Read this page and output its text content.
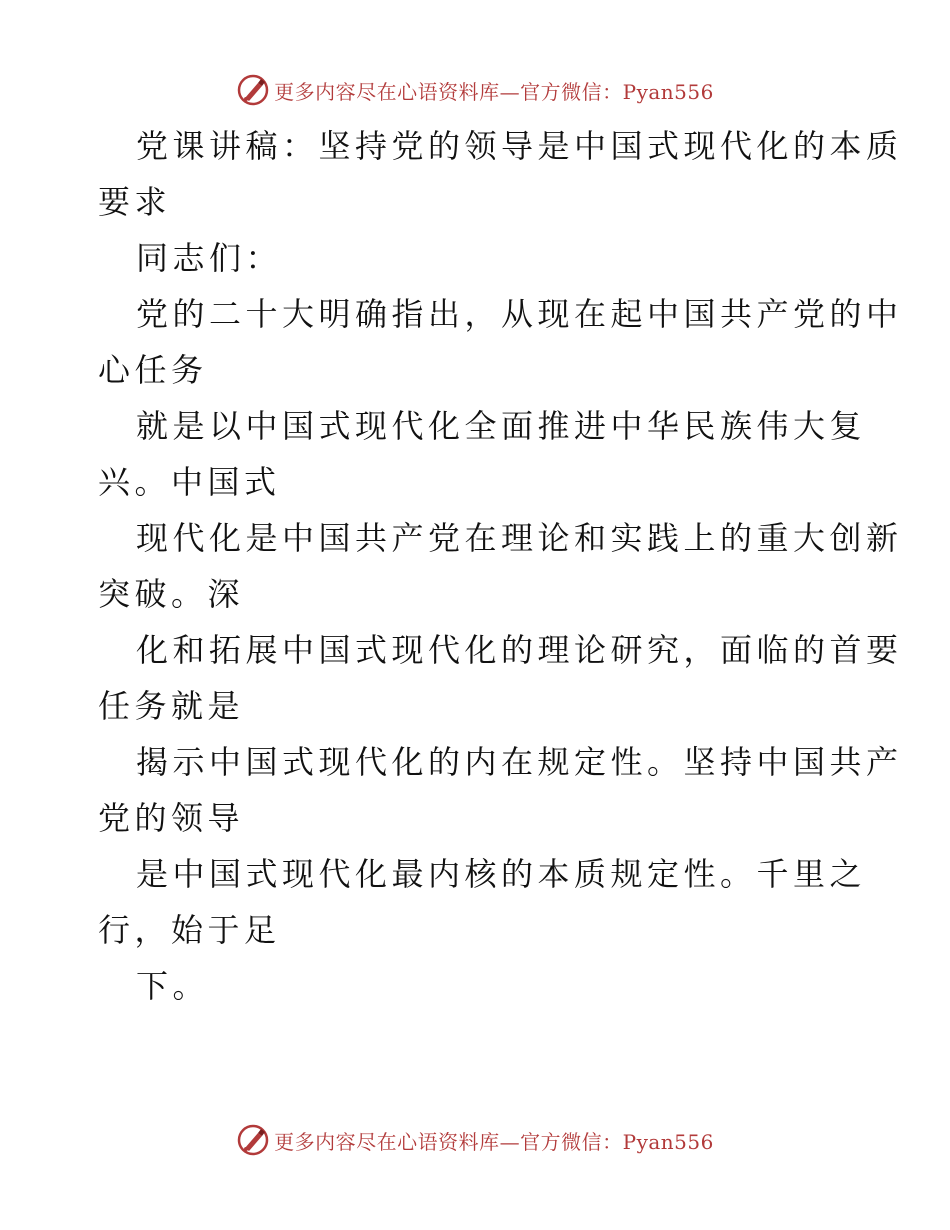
更多内容尽在心语资料库—官方微信：Pyan556

党课讲稿：坚持党的领导是中国式现代化的本质

要求

同志们：

党的二十大明确指出，从现在起中国共产党的中

心任务

就是以中国式现代化全面推进中华民族伟大复

兴。中国式

现代化是中国共产党在理论和实践上的重大创新

突破。深

化和拓展中国式现代化的理论研究，面临的首要

任务就是

揭示中国式现代化的内在规定性。坚持中国共产

党的领导

是中国式现代化最内核的本质规定性。千里之

行，始于足

下。

更多内容尽在心语资料库—官方微信：Pyan556
